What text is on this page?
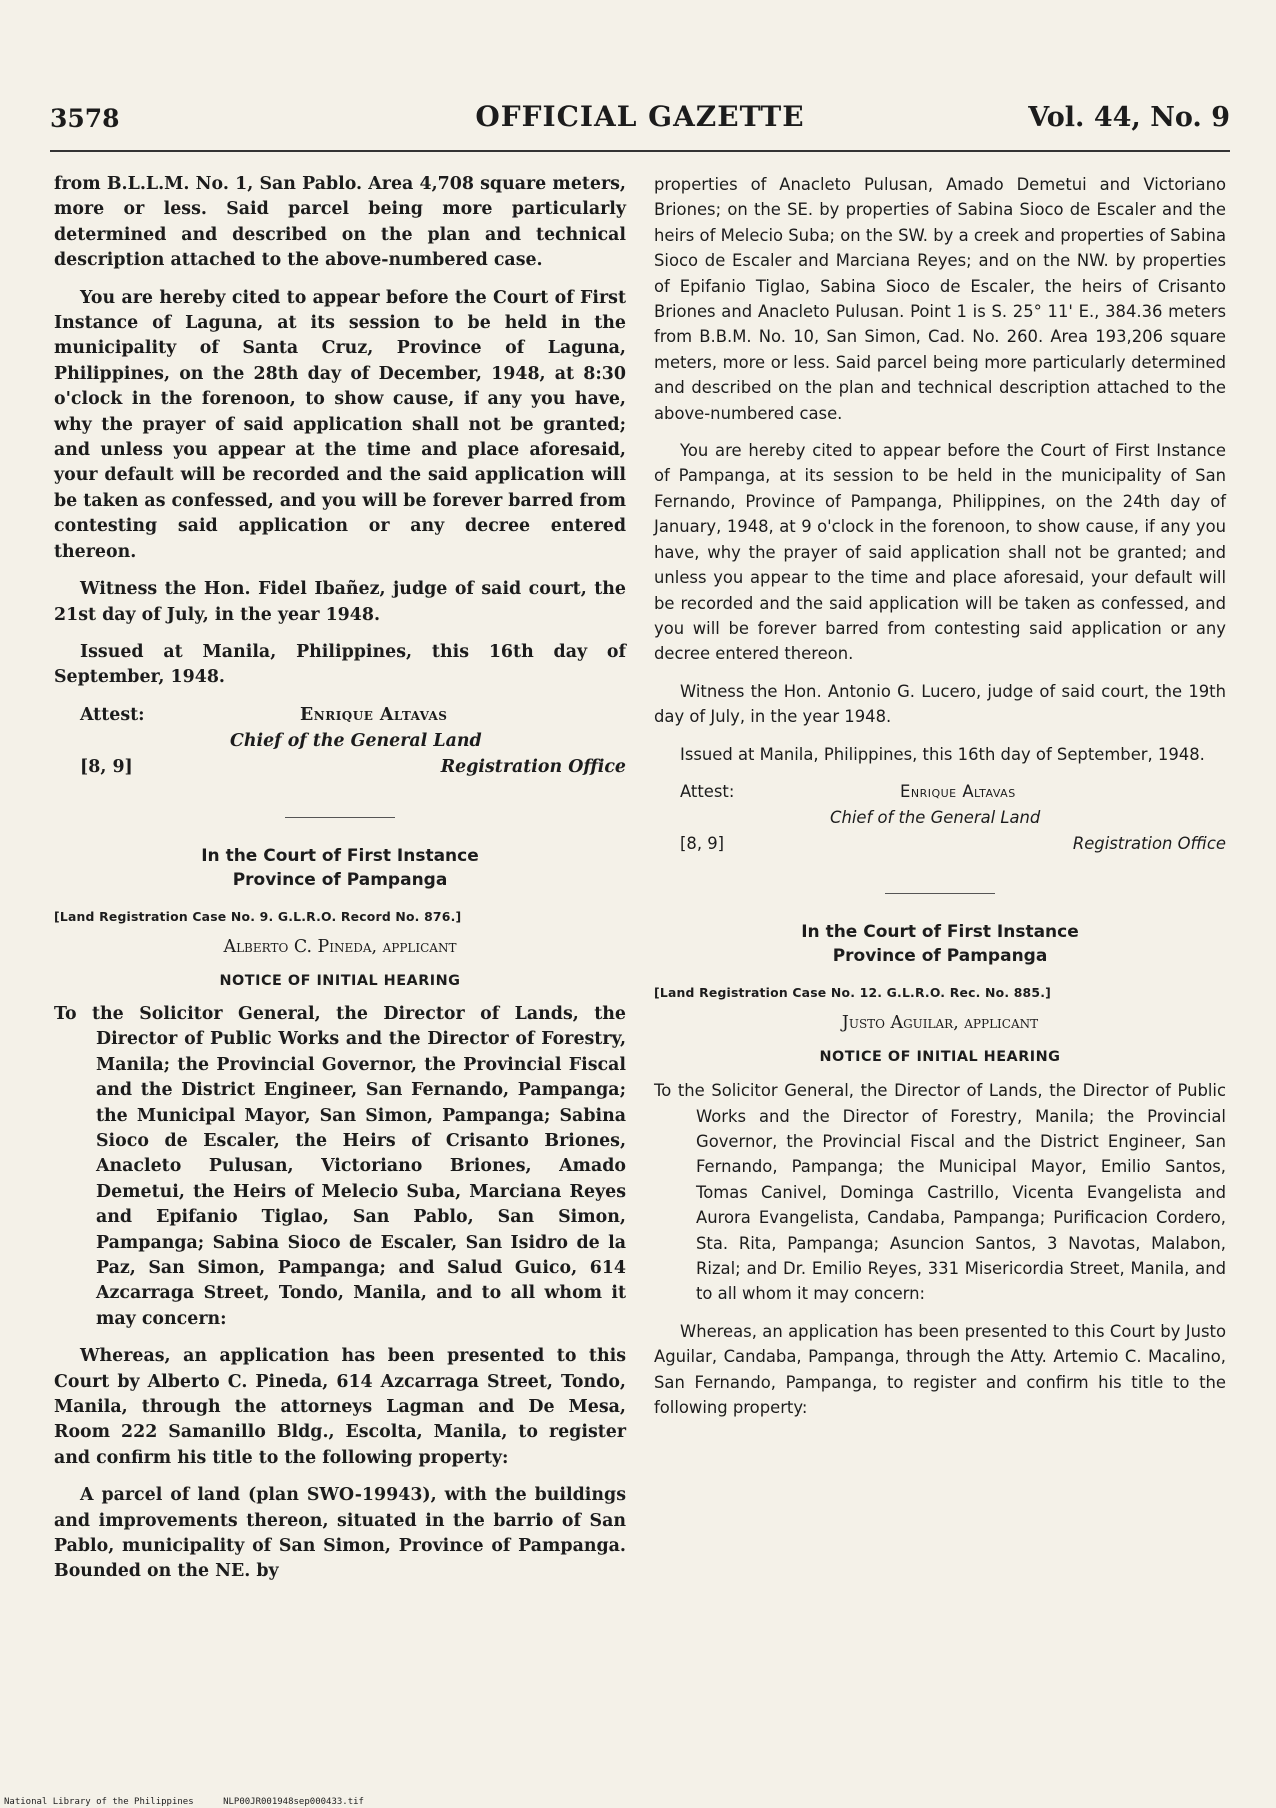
3578	OFFICIAL GAZETTE	Vol. 44, No. 9

from B.L.L.M. No. 1, San Pablo. Area 4,708 square meters, more or less. Said parcel being more particularly determined and described on the plan and technical description attached to the above-numbered case.

You are hereby cited to appear before the Court of First Instance of Laguna, at its session to be held in the municipality of Santa Cruz, Province of Laguna, Philippines, on the 28th day of December, 1948, at 8:30 o'clock in the forenoon, to show cause, if any you have, why the prayer of said application shall not be granted; and unless you appear at the time and place aforesaid, your default will be recorded and the said application will be taken as confessed, and you will be forever barred from contesting said application or any decree entered thereon.

Witness the Hon. Fidel Ibañez, judge of said court, the 21st day of July, in the year 1948.

Issued at Manila, Philippines, this 16th day of September, 1948.

Attest:	Enrique Altavas
Chief of the General Land
[8, 9]	Registration Office
In the Court of First Instance
Province of Pampanga
[Land Registration Case No. 9. G.L.R.O. Record No. 876.]
Alberto C. Pineda, applicant
NOTICE OF INITIAL HEARING

To the Solicitor General, the Director of Lands, the Director of Public Works and the Director of Forestry, Manila; the Provincial Governor, the Provincial Fiscal and the District Engineer, San Fernando, Pampanga; the Municipal Mayor, San Simon, Pampanga; Sabina Sioco de Escaler, the Heirs of Crisanto Briones, Anacleto Pulusan, Victoriano Briones, Amado Demetui, the Heirs of Melecio Suba, Marciana Reyes and Epifanio Tiglao, San Pablo, San Simon, Pampanga; Sabina Sioco de Escaler, San Isidro de la Paz, San Simon, Pampanga; and Salud Guico, 614 Azcarraga Street, Tondo, Manila, and to all whom it may concern:

Whereas, an application has been presented to this Court by Alberto C. Pineda, 614 Azcarraga Street, Tondo, Manila, through the attorneys Lagman and De Mesa, Room 222 Samanillo Bldg., Escolta, Manila, to register and confirm his title to the following property:

A parcel of land (plan SWO-19943), with the buildings and improvements thereon, situated in the barrio of San Pablo, municipality of San Simon, Province of Pampanga. Bounded on the NE. by

properties of Anacleto Pulusan, Amado Demetui and Victoriano Briones; on the SE. by properties of Sabina Sioco de Escaler and the heirs of Melecio Suba; on the SW. by a creek and properties of Sabina Sioco de Escaler and Marciana Reyes; and on the NW. by properties of Epifanio Tiglao, Sabina Sioco de Escaler, the heirs of Crisanto Briones and Anacleto Pulusan. Point 1 is S. 25° 11' E., 384.36 meters from B.B.M. No. 10, San Simon, Cad. No. 260. Area 193,206 square meters, more or less. Said parcel being more particularly determined and described on the plan and technical description attached to the above-numbered case.

You are hereby cited to appear before the Court of First Instance of Pampanga, at its session to be held in the municipality of San Fernando, Province of Pampanga, Philippines, on the 24th day of January, 1948, at 9 o'clock in the forenoon, to show cause, if any you have, why the prayer of said application shall not be granted; and unless you appear to the time and place aforesaid, your default will be recorded and the said application will be taken as confessed, and you will be forever barred from contesting said application or any decree entered thereon.

Witness the Hon. Antonio G. Lucero, judge of said court, the 19th day of July, in the year 1948.

Issued at Manila, Philippines, this 16th day of September, 1948.

Attest:	Enrique Altavas
Chief of the General Land
[8, 9]	Registration Office
In the Court of First Instance
Province of Pampanga
[Land Registration Case No. 12. G.L.R.O. Rec. No. 885.]
Justo Aguilar, applicant
NOTICE OF INITIAL HEARING

To the Solicitor General, the Director of Lands, the Director of Public Works and the Director of Forestry, Manila; the Provincial Governor, the Provincial Fiscal and the District Engineer, San Fernando, Pampanga; the Municipal Mayor, Emilio Santos, Tomas Canivel, Dominga Castrillo, Vicenta Evangelista and Aurora Evangelista, Candaba, Pampanga; Purificacion Cordero, Sta. Rita, Pampanga; Asuncion Santos, 3 Navotas, Malabon, Rizal; and Dr. Emilio Reyes, 331 Misericordia Street, Manila, and to all whom it may concern:

Whereas, an application has been presented to this Court by Justo Aguilar, Candaba, Pampanga, through the Atty. Artemio C. Macalino, San Fernando, Pampanga, to register and confirm his title to the following property:

National Library of the Philippines	NLP00JR001948sep000433.tif
